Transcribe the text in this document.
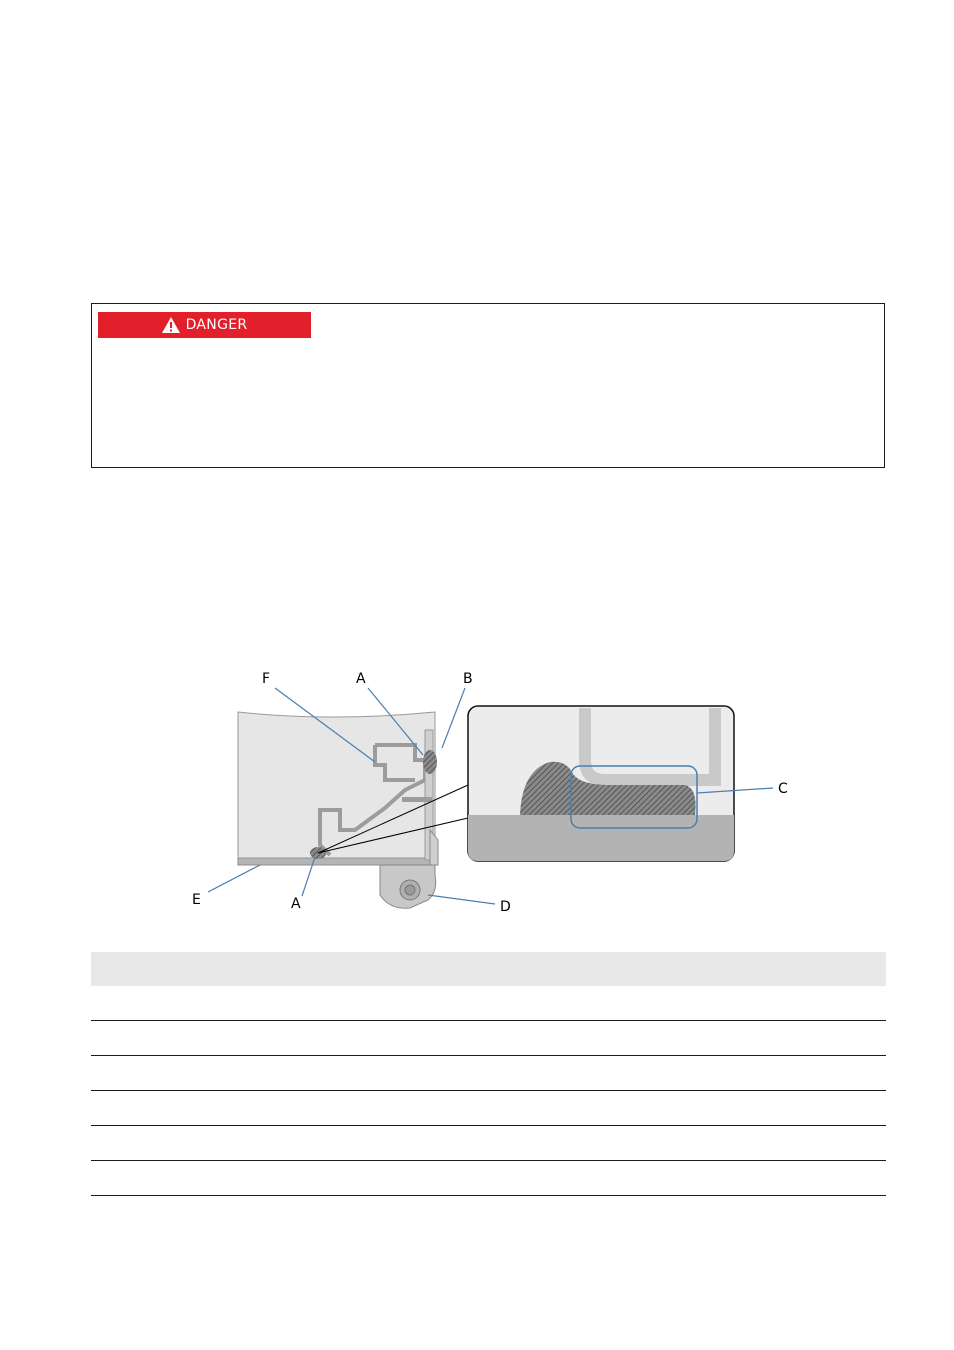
DANGER
F	A	B
C
D
E	A
